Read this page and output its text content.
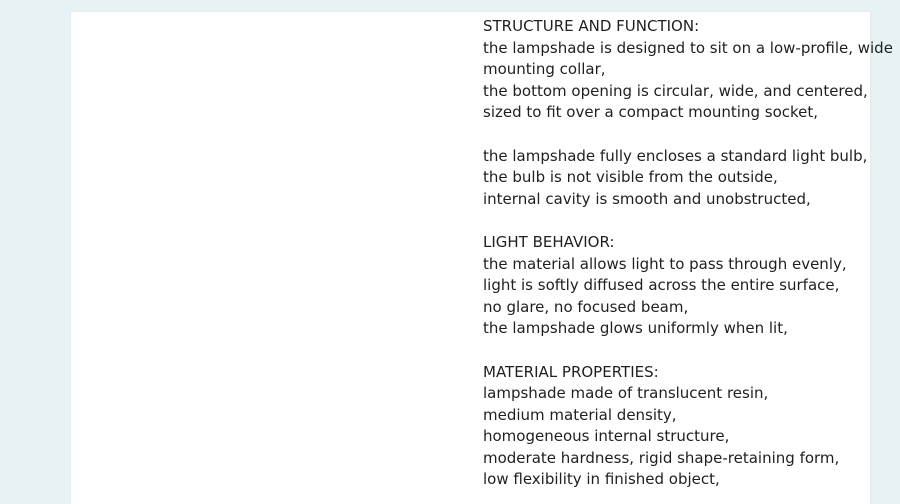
STRUCTURE AND FUNCTION:
the lampshade is designed to sit on a low-profile, wide
mounting collar,
the bottom opening is circular, wide, and centered,
sized to fit over a compact mounting socket,
the lampshade fully encloses a standard light bulb,
the bulb is not visible from the outside,
internal cavity is smooth and unobstructed,
LIGHT BEHAVIOR:
the material allows light to pass through evenly,
light is softly diffused across the entire surface,
no glare, no focused beam,
the lampshade glows uniformly when lit,
MATERIAL PROPERTIES:
lampshade made of translucent resin,
medium material density,
homogeneous internal structure,
moderate hardness, rigid shape-retaining form,
low flexibility in finished object,
